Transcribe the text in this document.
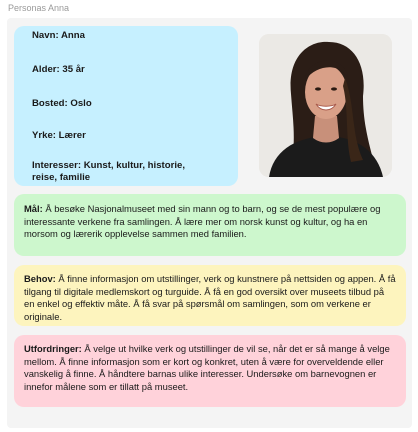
Personas Anna
Navn: Anna
Alder: 35 år
Bosted: Oslo
Yrke: Lærer
Interesser: Kunst, kultur, historie,
reise, familie
Mål: Å besøke Nasjonalmuseet med sin mann og to barn, og se de mest populære og interessante verkene fra samlingen. Å lære mer om norsk kunst og kultur, og ha en morsom og lærerik opplevelse sammen med familien.
Behov: Å finne informasjon om utstillinger, verk og kunstnere på nettsiden og appen. Å få tilgang til digitale medlemskort og turguide. Å få en god oversikt over museets tilbud på en enkel og effektiv måte. Å få svar på spørsmål om samlingen, som om verkene er originale.
Utfordringer: Å velge ut hvilke verk og utstillinger de vil se, når det er så mange å velge mellom. Å finne informasjon som er kort og konkret, uten å være for overveldende eller vanskelig å finne. Å håndtere barnas ulike interesser. Undersøke om barnevognen er innefor målene som er tillatt på museet.
